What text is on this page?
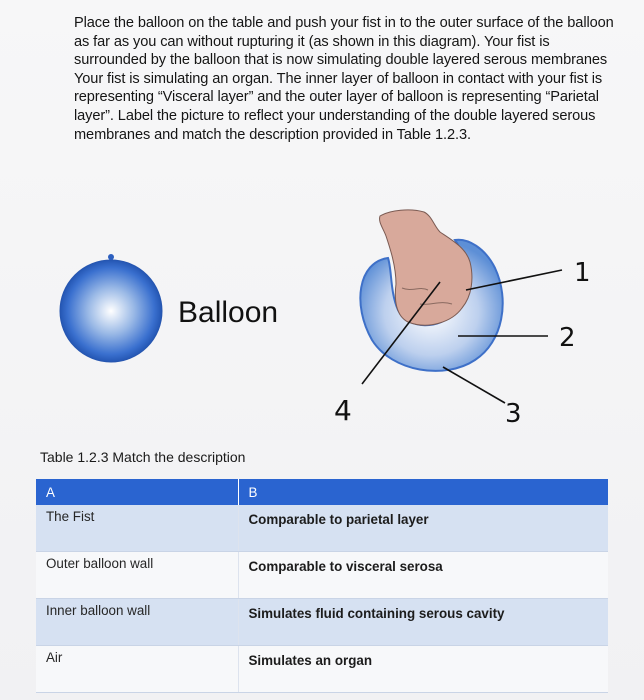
Place the balloon on the table and push your fist in to the outer surface of the balloon as far as you can without rupturing it (as shown in this diagram). Your fist is surrounded by the balloon that is now simulating double layered serous membranes Your fist is simulating an organ. The inner layer of balloon in contact with your fist is representing “Visceral layer” and the outer layer of balloon is representing “Parietal layer”. Label the picture to reflect your understanding of the double layered serous membranes and match the description provided in Table 1.2.3.
1
2
3
4
Balloon
Table 1.2.3 Match the description
A	B
The Fist	Comparable to parietal layer
Outer balloon wall	Comparable to visceral serosa
Inner balloon wall	Simulates fluid containing serous cavity
Air	Simulates an organ
